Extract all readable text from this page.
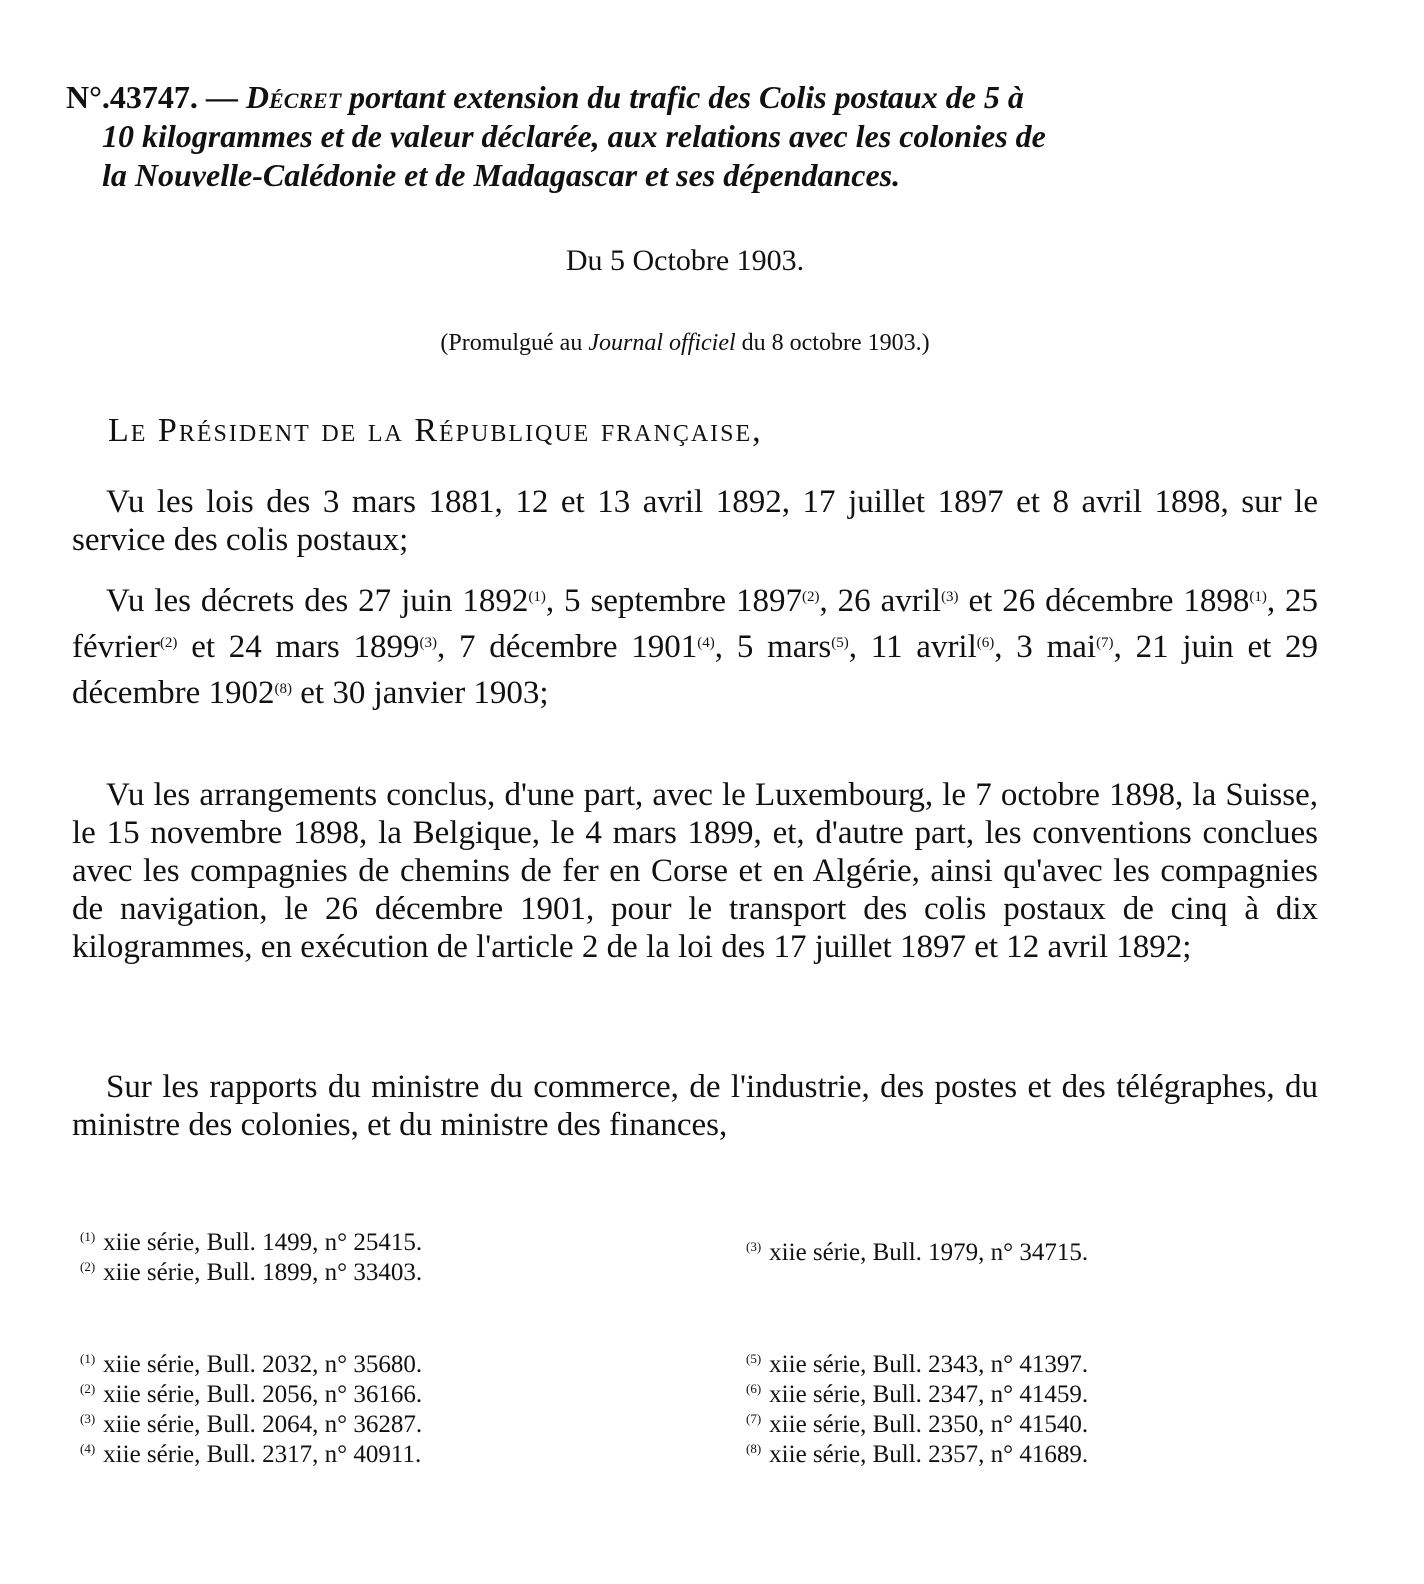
N°.43747. — Décret portant extension du trafic des Colis postaux de 5 à
10 kilogrammes et de valeur déclarée, aux relations avec les colonies de
la Nouvelle-Calédonie et de Madagascar et ses dépendances.
Du 5 Octobre 1903.
(Promulgué au Journal officiel du 8 octobre 1903.)
Le Président de la République française,

Vu les lois des 3 mars 1881, 12 et 13 avril 1892, 17 juillet 1897 et 8 avril 1898, sur le service des colis postaux;

Vu les décrets des 27 juin 1892$^{(1)}$, 5 septembre 1897$^{(2)}$, 26 avril$^{(3)}$ et 26 décembre 1898$^{(1)}$, 25 février$^{(2)}$ et 24 mars 1899$^{(3)}$, 7 décembre 1901$^{(4)}$, 5 mars$^{(5)}$, 11 avril$^{(6)}$, 3 mai$^{(7)}$, 21 juin et 29 décembre 1902$^{(8)}$ et 30 janvier 1903;

Vu les arrangements conclus, d'une part, avec le Luxembourg, le 7 octobre 1898, la Suisse, le 15 novembre 1898, la Belgique, le 4 mars 1899, et, d'autre part, les conventions conclues avec les compagnies de chemins de fer en Corse et en Algérie, ainsi qu'avec les compagnies de navigation, le 26 décembre 1901, pour le transport des colis postaux de cinq à dix kilogrammes, en exécution de l'article 2 de la loi des 17 juillet 1897 et 12 avril 1892;

Sur les rapports du ministre du commerce, de l'industrie, des postes et des télégraphes, du ministre des colonies, et du ministre des finances,

$^{(1)}$ xiie série, Bull. 1499, n° 25415.
$^{(2)}$ xiie série, Bull. 1899, n° 33403.
$^{(3)}$ xiie série, Bull. 1979, n° 34715.
$^{(1)}$ xiie série, Bull. 2032, n° 35680.
$^{(2)}$ xiie série, Bull. 2056, n° 36166.
$^{(3)}$ xiie série, Bull. 2064, n° 36287.
$^{(4)}$ xiie série, Bull. 2317, n° 40911.
$^{(5)}$ xiie série, Bull. 2343, n° 41397.
$^{(6)}$ xiie série, Bull. 2347, n° 41459.
$^{(7)}$ xiie série, Bull. 2350, n° 41540.
$^{(8)}$ xiie série, Bull. 2357, n° 41689.
